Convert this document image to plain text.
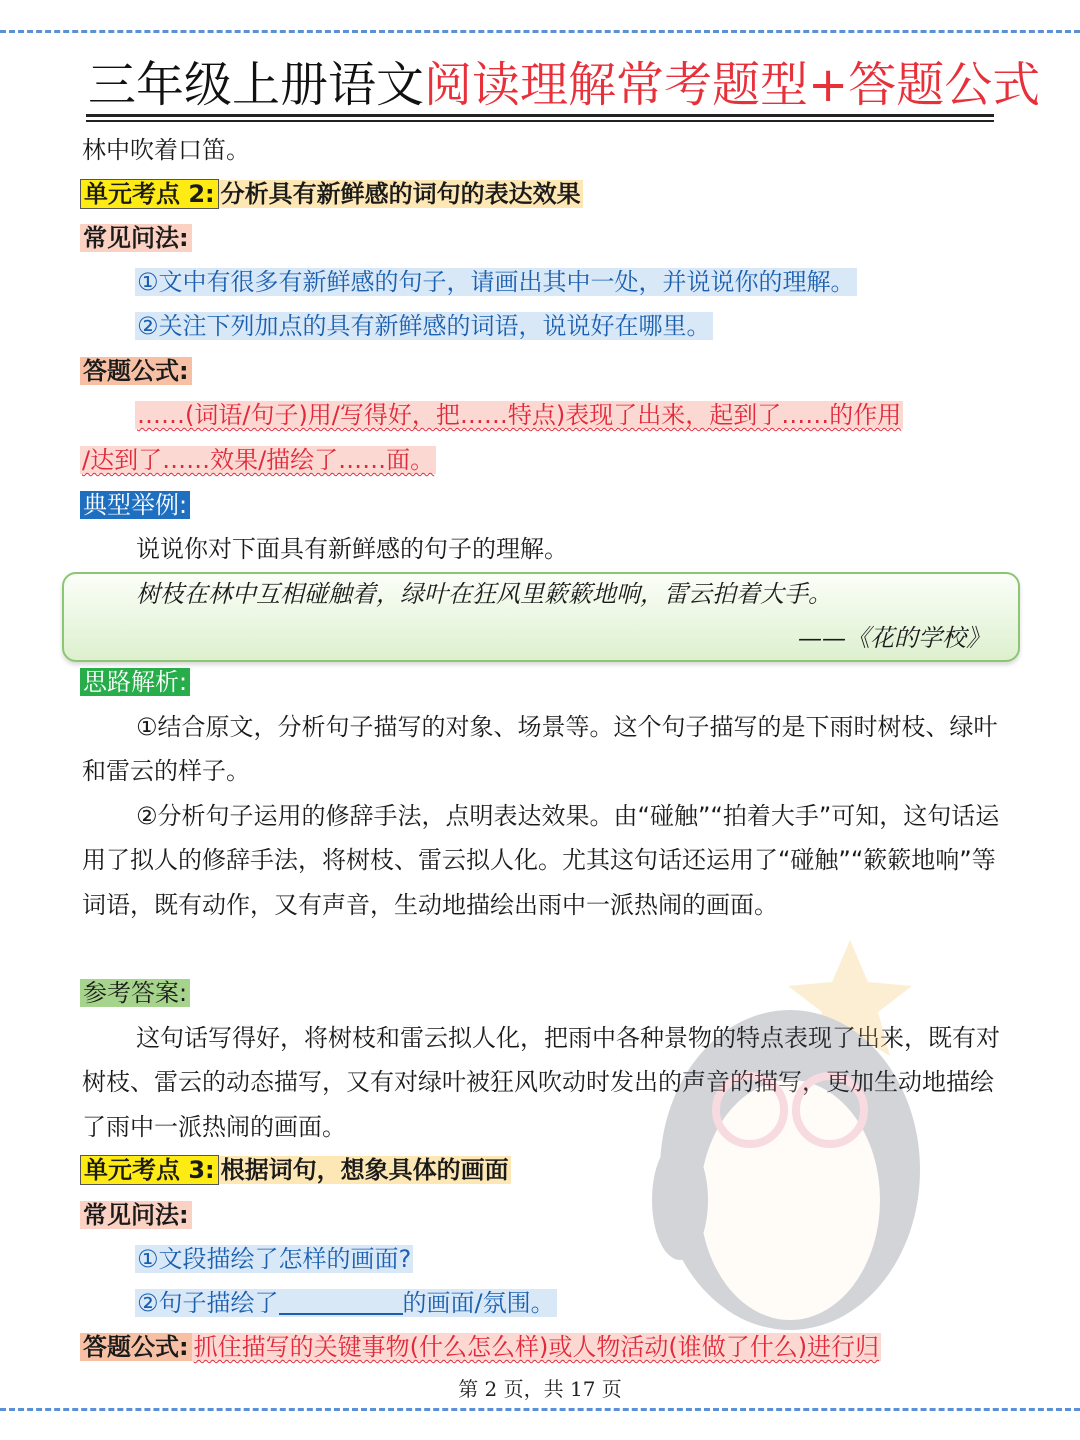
三年级上册语文阅读理解常考题型+答题公式
林中吹着口笛。
单元考点 2: 分析具有新鲜感的词句的表达效果
常见问法:
①文中有很多有新鲜感的句子，请画出其中一处，并说说你的理解。
②关注下列加点的具有新鲜感的词语，说说好在哪里。
答题公式:
……(词语/句子)用/写得好，把……特点)表现了出来，起到了……的作用
/达到了……效果/描绘了……面。
典型举例:
说说你对下面具有新鲜感的句子的理解。
树枝在林中互相碰触着，绿叶在狂风里簌簌地响，雷云拍着大手。
——《花的学校》
思路解析:
①结合原文，分析句子描写的对象、场景等。这个句子描写的是下雨时树枝、绿叶和雷云的样子。
②分析句子运用的修辞手法，点明表达效果。由“碰触”“拍着大手”可知，这句话运用了拟人的修辞手法，将树枝、雷云拟人化。尤其这句话还运用了“碰触”“簌簌地响”等词语，既有动作，又有声音，生动地描绘出雨中一派热闹的画面。
参考答案:
这句话写得好，将树枝和雷云拟人化，把雨中各种景物的特点表现了出来，既有对树枝、雷云的动态描写，又有对绿叶被狂风吹动时发出的声音的描写，更加生动地描绘了雨中一派热闹的画面。
单元考点 3: 根据词句，想象具体的画面
常见问法:
①文段描绘了怎样的画面?
②句子描绘了	的画面/氛围。
答题公式: 抓住描写的关键事物(什么怎么样)或人物活动(谁做了什么)进行归
第 2 页，共 17 页
